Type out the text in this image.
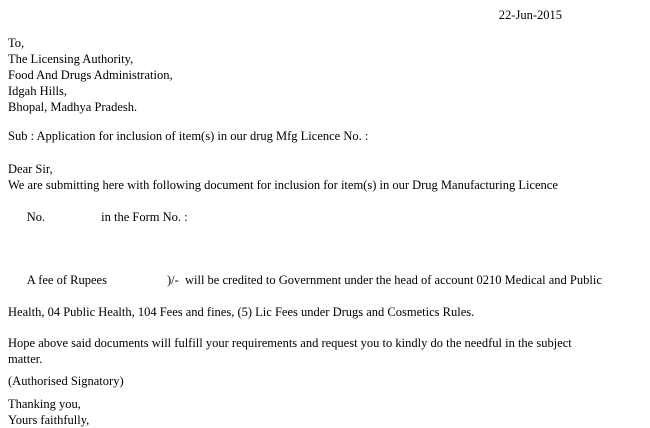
22-Jun-2015
To,
The Licensing Authority,
Food And Drugs Administration,
Idgah Hills,
Bhopal, Madhya Pradesh.
Sub : Application for inclusion of item(s) in our drug Mfg Licence No. :
Dear Sir,
We are submitting here with following document for inclusion for item(s) in our Drug Manufacturing Licence

No.	in the Form No. :

A fee of Rupees	)/-  will be credited to Government under the head of account 0210 Medical and Public

Health, 04 Public Health, 104 Fees and fines, (5) Lic Fees under Drugs and Cosmetics Rules.
Hope above said documents will fulfill your requirements and request you to kindly do the needful in the subject
matter.
Thanking you,
Yours faithfully,
(Authorised Signatory)
